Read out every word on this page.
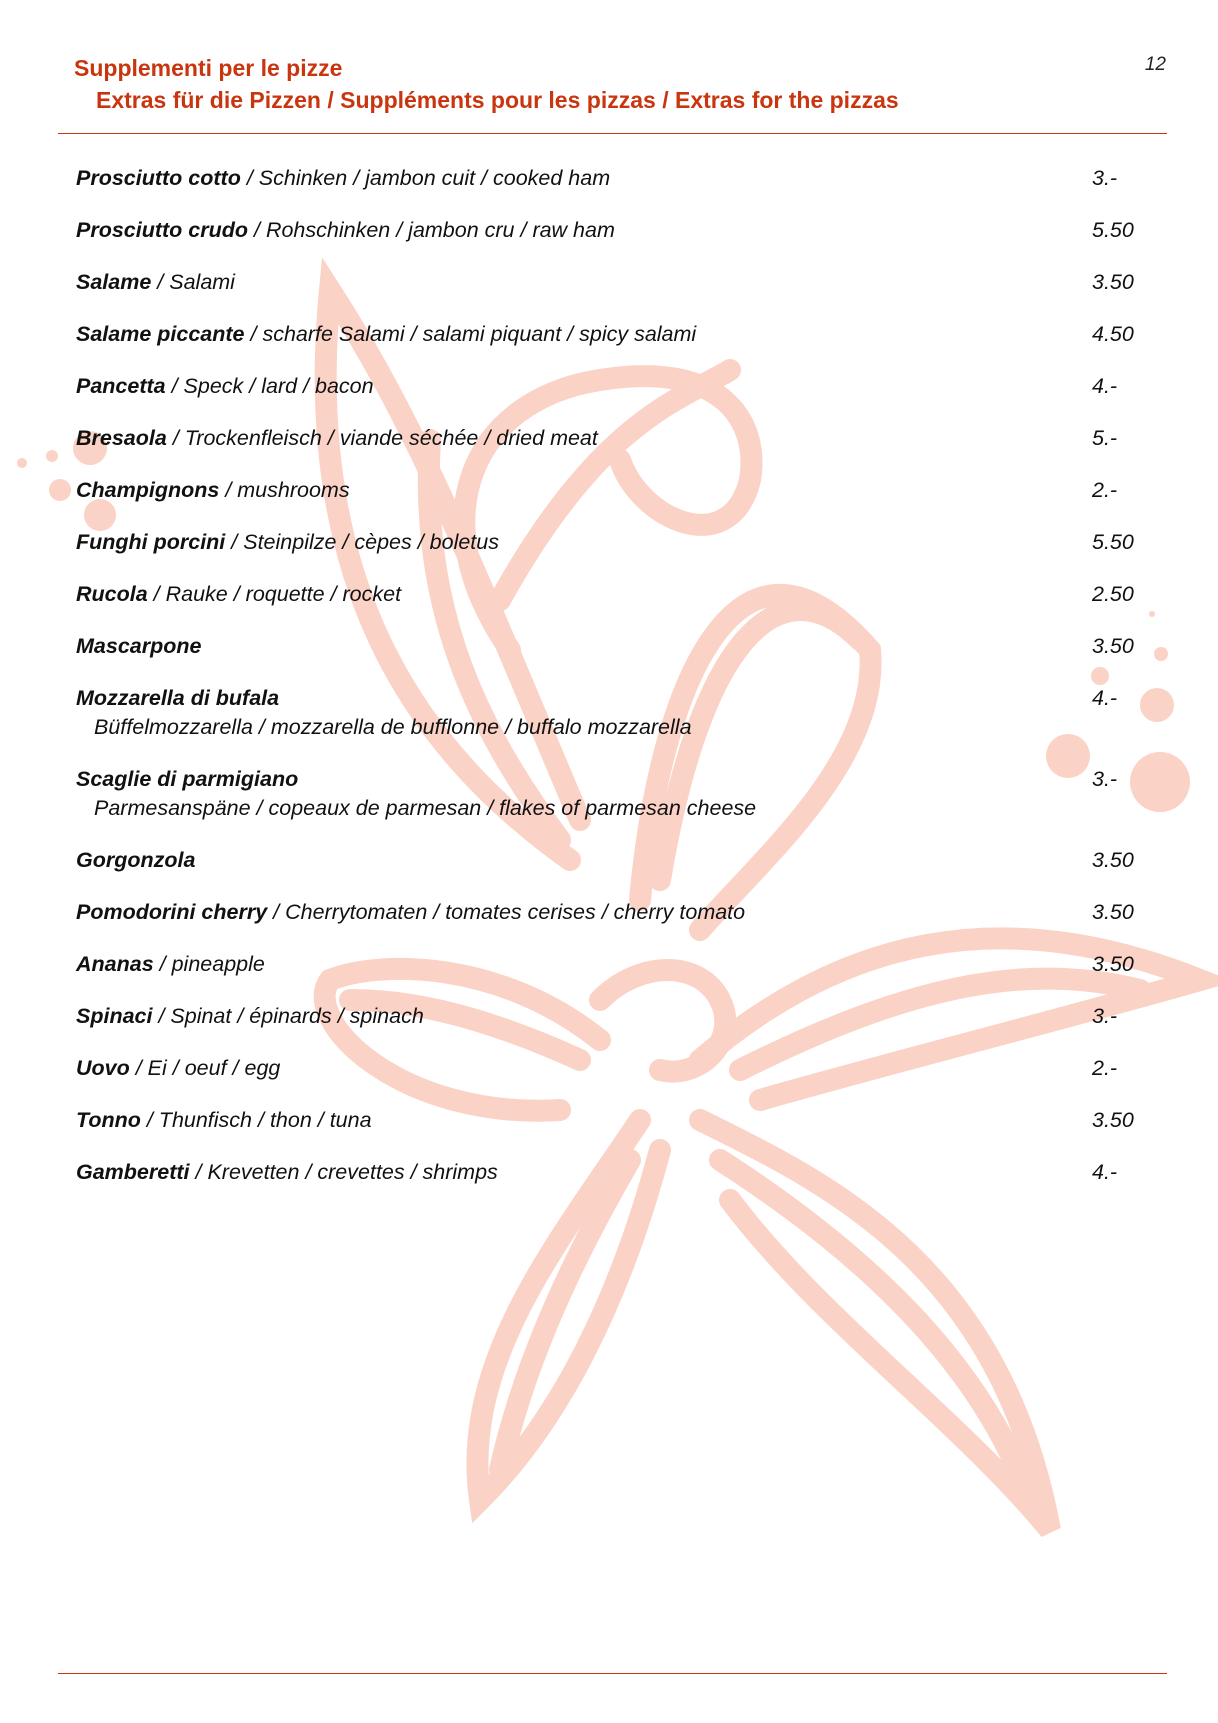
12
Supplementi per le pizze
Extras für die Pizzen / Suppléments pour les pizzas / Extras for the pizzas
Prosciutto cotto / Schinken / jambon cuit / cooked ham	3.-
Prosciutto crudo / Rohschinken / jambon cru / raw ham	5.50
Salame / Salami	3.50
Salame piccante / scharfe Salami / salami piquant / spicy salami	4.50
Pancetta / Speck / lard / bacon	4.-
Bresaola / Trockenfleisch / viande séchée / dried meat	5.-
Champignons / mushrooms	2.-
Funghi porcini / Steinpilze / cèpes / boletus	5.50
Rucola / Rauke / roquette / rocket	2.50
Mascarpone	3.50
Mozzarella di bufala	4.-
Büffelmozzarella / mozzarella de bufflonne / buffalo mozzarella
Scaglie di parmigiano	3.-
Parmesanspäne / copeaux de parmesan / flakes of parmesan cheese
Gorgonzola	3.50
Pomodorini cherry / Cherrytomaten / tomates cerises / cherry tomato	3.50
Ananas / pineapple	3.50
Spinaci / Spinat / épinards / spinach	3.-
Uovo / Ei / oeuf / egg	2.-
Tonno / Thunfisch / thon / tuna	3.50
Gamberetti / Krevetten / crevettes / shrimps	4.-
